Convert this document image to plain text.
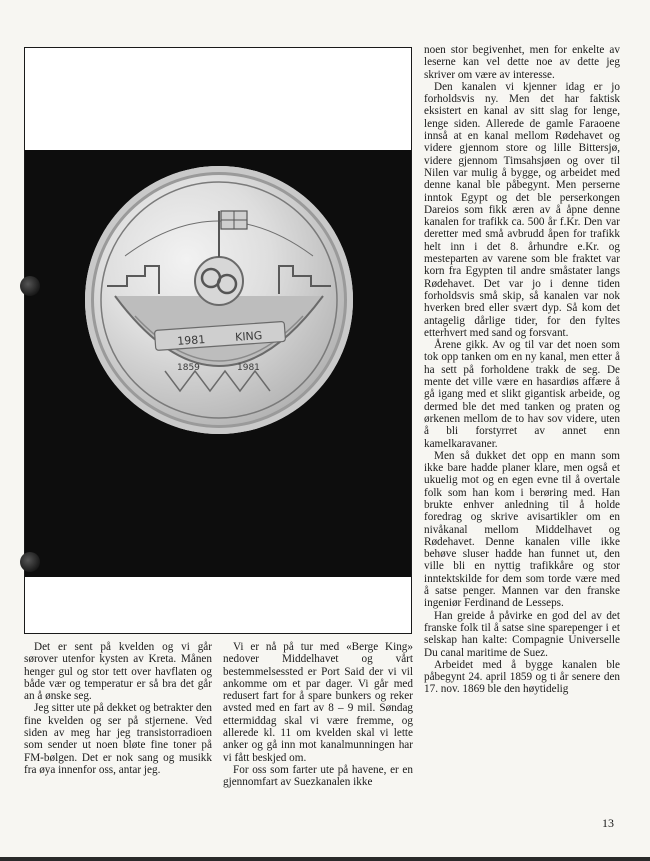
1981	KING
1859	1981

noen stor begivenhet, men for enkelte av leserne kan vel dette noe av dette jeg skriver om være av interesse.

Den kanalen vi kjenner idag er jo forholdsvis ny. Men det har faktisk eksistert en kanal av sitt slag for lenge, lenge siden. Allerede de gamle Faraoene innså at en kanal mellom Rødehavet og videre gjennom store og lille Bittersjø, videre gjennom Timsahsjøen og over til Nilen var mulig å bygge, og arbeidet med denne kanal ble påbegynt. Men perserne inntok Egypt og det ble perserkongen Dareios som fikk æren av å åpne denne kanalen for trafikk ca. 500 år f.Kr. Den var deretter med små avbrudd åpen for trafikk helt inn i det 8. århundre e.Kr. og mesteparten av varene som ble fraktet var korn fra Egypten til andre småstater langs Rødehavet. Det var jo i denne tiden forholdsvis små skip, så kanalen var nok hverken bred eller svært dyp. Så kom det antagelig dårlige tider, for den fyltes etterhvert med sand og forsvant.

Årene gikk. Av og til var det noen som tok opp tanken om en ny kanal, men etter å ha sett på forholdene trakk de seg. De mente det ville være en hasardiøs affære å gå igang med et slikt gigantisk arbeide, og dermed ble det med tanken og praten og ørkenen mellom de to hav sov videre, uten å bli forstyrret av annet enn kamelkaravaner.

Men så dukket det opp en mann som ikke bare hadde planer klare, men også et ukuelig mot og en egen evne til å overtale folk som han kom i berøring med. Han brukte enhver anledning til å holde foredrag og skrive avisartikler om en nivåkanal mellom Middelhavet og Rødehavet. Denne kanalen ville ikke behøve sluser hadde han funnet ut, den ville bli en nyttig trafikkåre og stor inntektskilde for dem som torde være med å satse penger. Mannen var den franske ingeniør Ferdinand de Lesseps.

Han greide å påvirke en god del av det franske folk til å satse sine sparepenger i et selskap han kalte: Compagnie Universelle Du canal maritime de Suez.

Arbeidet med å bygge kanalen ble påbegynt 24. april 1859 og ti år senere den 17. nov. 1869 ble den høytidelig

Det er sent på kvelden og vi går sørover utenfor kysten av Kreta. Månen henger gul og stor tett over havflaten og både vær og temperatur er så bra det går an å ønske seg.

Jeg sitter ute på dekket og betrakter den fine kvelden og ser på stjernene. Ved siden av meg har jeg transistorradioen som sender ut noen bløte fine toner på FM-bølgen. Det er nok sang og musikk fra øya innenfor oss, antar jeg.

Vi er nå på tur med «Berge King» nedover Middelhavet og vårt bestemmelsessted er Port Said der vi vil ankomme om et par dager. Vi går med redusert fart for å spare bunkers og reker avsted med en fart av 8 – 9 mil. Søndag ettermiddag skal vi være fremme, og allerede kl. 11 om kvelden skal vi lette anker og gå inn mot kanalmunningen har vi fått beskjed om.

For oss som farter ute på havene, er en gjennomfart av Suezkanalen ikke

13
